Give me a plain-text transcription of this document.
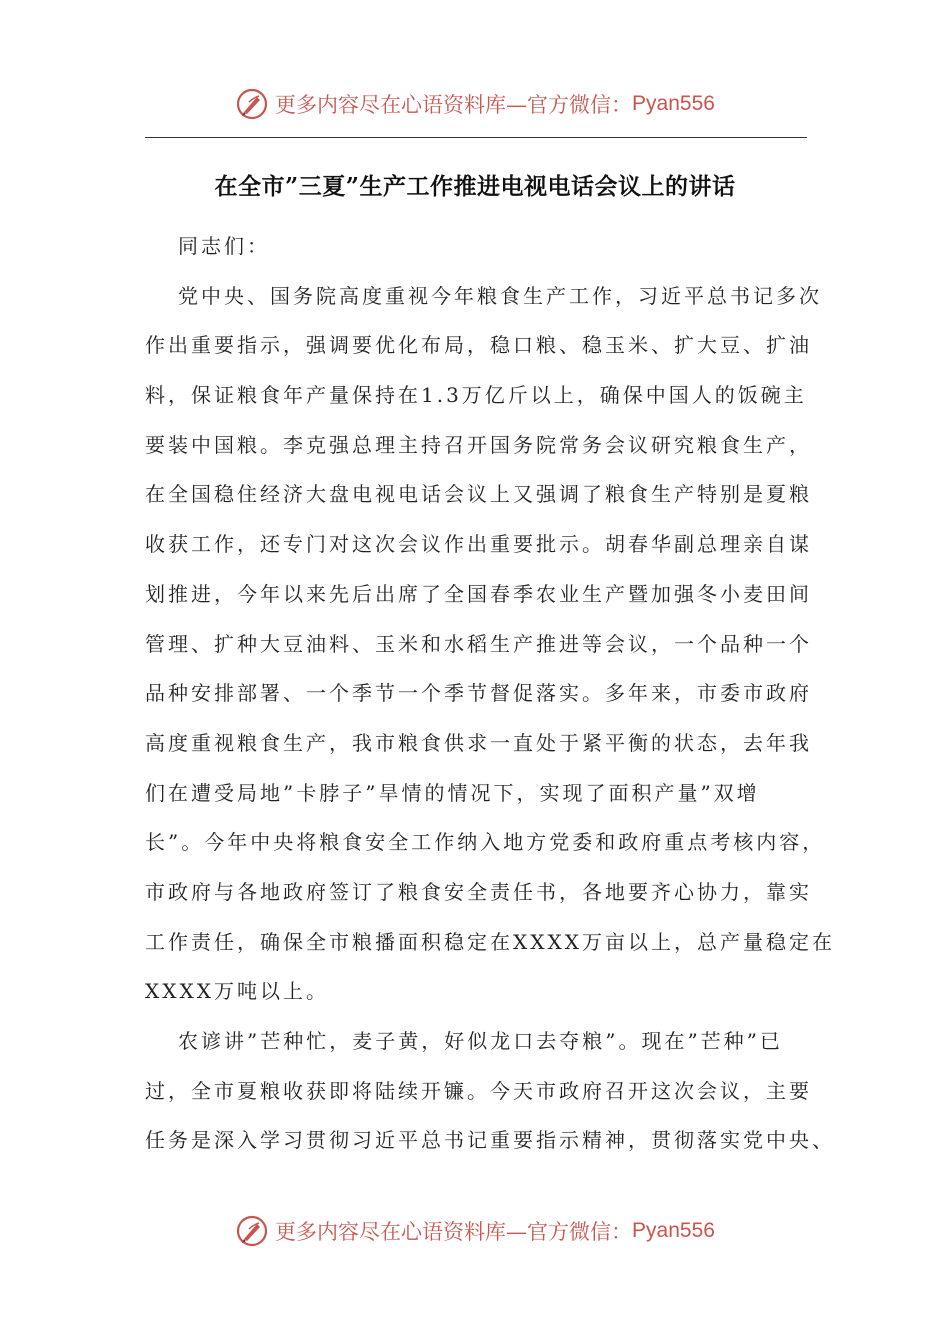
更多内容尽在心语资料库—官方微信： Pyan556
在全市”三夏”生产工作推进电视电话会议上的讲话
同志们：
党中央、国务院高度重视今年粮食生产工作，习近平总书记多次
作出重要指示，强调要优化布局，稳口粮、稳玉米、扩大豆、扩油
料，保证粮食年产量保持在1.3万亿斤以上，确保中国人的饭碗主
要装中国粮。李克强总理主持召开国务院常务会议研究粮食生产，
在全国稳住经济大盘电视电话会议上又强调了粮食生产特别是夏粮
收获工作，还专门对这次会议作出重要批示。胡春华副总理亲自谋
划推进，今年以来先后出席了全国春季农业生产暨加强冬小麦田间
管理、扩种大豆油料、玉米和水稻生产推进等会议，一个品种一个
品种安排部署、一个季节一个季节督促落实。多年来，市委市政府
高度重视粮食生产，我市粮食供求一直处于紧平衡的状态，去年我
们在遭受局地”卡脖子”旱情的情况下，实现了面积产量”双增
长”。今年中央将粮食安全工作纳入地方党委和政府重点考核内容，
市政府与各地政府签订了粮食安全责任书，各地要齐心协力，靠实
工作责任，确保全市粮播面积稳定在XXXX万亩以上，总产量稳定在
XXXX万吨以上。
农谚讲”芒种忙，麦子黄，好似龙口去夺粮”。现在”芒种”已
过，全市夏粮收获即将陆续开镰。今天市政府召开这次会议，主要
任务是深入学习贯彻习近平总书记重要指示精神，贯彻落实党中央、
更多内容尽在心语资料库—官方微信： Pyan556
